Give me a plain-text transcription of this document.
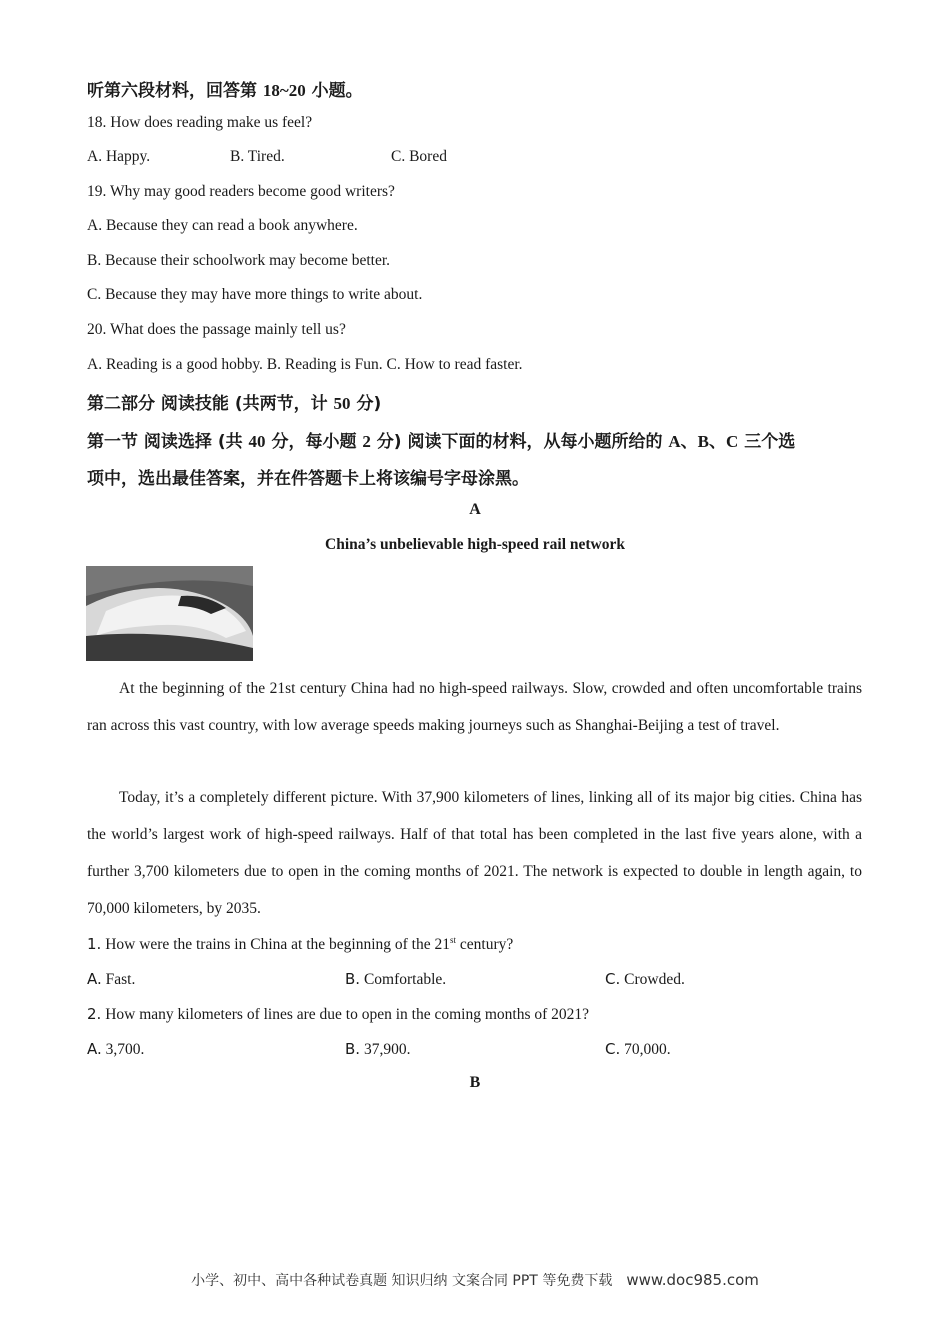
听第六段材料，回答第 18~20 小题。
18. How does reading make us feel?
A. Happy.	B. Tired.	C. Bored
19. Why may good readers become good writers?
A. Because they can read a book anywhere.
B. Because their schoolwork may become better.
C. Because they may have more things to write about.
20. What does the passage mainly tell us?
A. Reading is a good hobby. B. Reading is Fun. C. How to read faster.
第二部分 阅读技能 (共两节，计 50 分)
第一节 阅读选择 (共 40 分，每小题 2 分) 阅读下面的材料，从每小题所给的 A、B、C 三个选
项中，选出最佳答案，并在件答题卡上将该编号字母涂黑。
A
China’s unbelievable high-speed rail network
At the beginning of the 21st century China had no high-speed railways. Slow, crowded and often uncomfortable trains ran across this vast country, with low average speeds making journeys such as Shanghai-Beijing a test of travel.
Today, it’s a completely different picture. With 37,900 kilometers of lines, linking all of its major big cities. China has the world’s largest work of high-speed railways. Half of that total has been completed in the last five years alone, with a further 3,700 kilometers due to open in the coming months of 2021. The network is expected to double in length again, to 70,000 kilometers, by 2035.
1. How were the trains in China at the beginning of the 21st century?
A. Fast.	B. Comfortable.	C. Crowded.
2. How many kilometers of lines are due to open in the coming months of 2021?
A. 3,700.	B. 37,900.	C. 70,000.
B
小学、初中、高中各种试卷真题 知识归纳 文案合同 PPT 等免费下载 www.doc985.com
